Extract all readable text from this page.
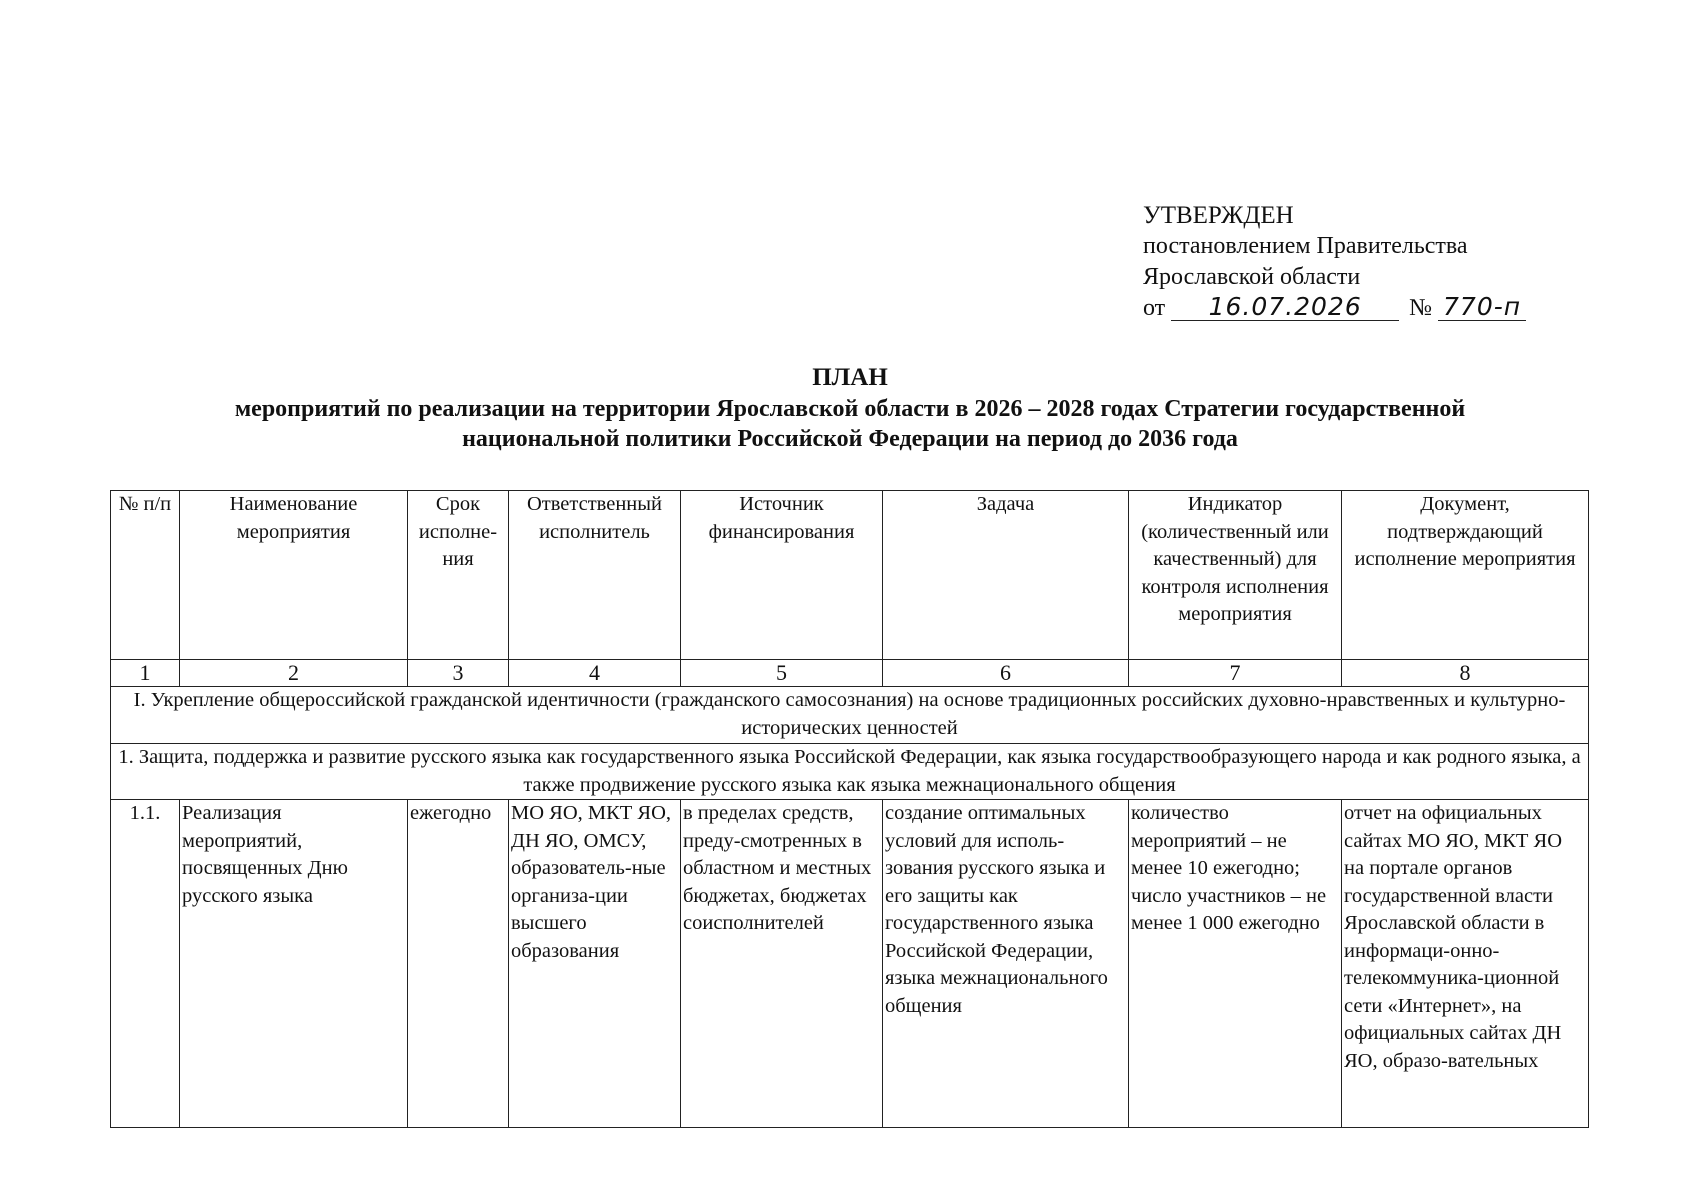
УТВЕРЖДЕН
постановлением Правительства
Ярославской области
от 16.07.2026 № 770-п
ПЛАН
мероприятий по реализации на территории Ярославской области в 2026 – 2028 годах Стратегии государственной
национальной политики Российской Федерации на период до 2036 года
№ п/п	Наименование мероприятия	Срок исполне-ния	Ответственный исполнитель	Источник финансирования	Задача	Индикатор (количественный или качественный) для контроля исполнения мероприятия	Документ, подтверждающий исполнение мероприятия
1	2	3	4	5	6	7	8
I. Укрепление общероссийской гражданской идентичности (гражданского самосознания) на основе традиционных российских духовно-нравственных и культурно-исторических ценностей							
1. Защита, поддержка и развитие русского языка как государственного языка Российской Федерации, как языка государствообразующего народа и как родного языка, а также продвижение русского языка как языка межнационального общения							
1.1.	Реализация мероприятий, посвященных Дню русского языка	ежегодно	МО ЯО, МКТ ЯО, ДН ЯО, ОМСУ, образователь-ные организа-ции высшего образования	в пределах средств, преду-смотренных в областном и местных бюджетах, бюджетах соисполнителей	создание оптимальных условий для исполь-зования русского языка и его защиты как государственного языка Российской Федерации, языка межнационального общения	количество мероприятий – не менее 10 ежегодно; число участников – не менее 1 000 ежегодно	отчет на официальных сайтах МО ЯО, МКТ ЯО на портале органов государственной власти Ярославской области в информаци-онно-телекоммуника-ционной сети «Интернет», на официальных сайтах ДН ЯО, образо-вательных
